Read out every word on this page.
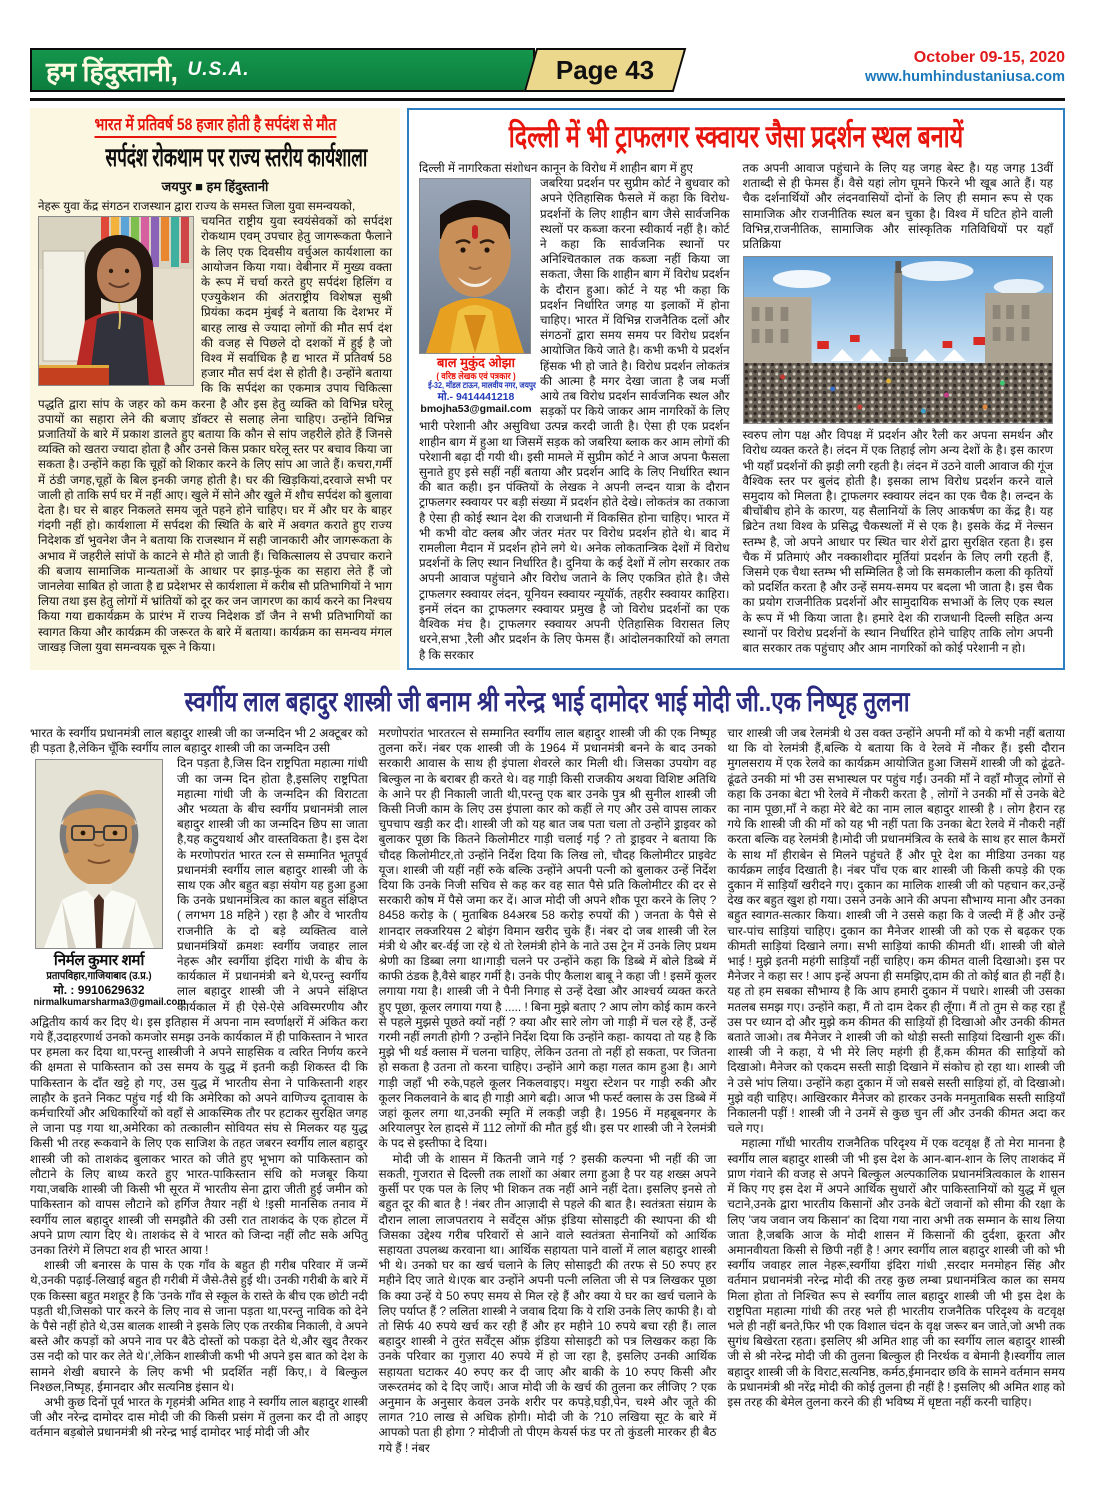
हम हिंदुस्तानी, U.S.A.	Page 43	October 09-15, 2020
www.humhindustaniusa.com
भारत में प्रतिवर्ष 58 हजार होती है सर्पदंश से मौत
सर्पदंश रोकथाम पर राज्य स्तरीय कार्यशाला
जयपुर ■ हम हिंदुस्तानी

नेहरू युवा केंद्र संगठन राजस्थान द्वारा राज्य के समस्त जिला युवा समन्वयको,

चयनित राष्ट्रीय युवा स्वयंसेवकों को सर्पदंश रोकथाम एवम् उपचार हेतु जागरूकता फैलाने के लिए एक दिवसीय वर्चुअल कार्यशाला का आयोजन किया गया। वेबीनार में मुख्य वक्ता के रूप में चर्चा करते हुए सर्पदंश हिलिंग व एज्युकेशन की अंतराष्ट्रीय विशेषज्ञ सुश्री प्रियंका कदम मुंबई ने बताया कि देशभर में बारह लाख से ज्यादा लोगों की मौत सर्प दंश की वजह से पिछले दो दशकों में हुई है जो विश्व में सर्वाधिक है द्य भारत में प्रतिवर्ष 58 हजार मौत सर्प दंश से होती है। उन्होंने बताया कि कि सर्पदंश का एकमात्र उपाय चिकित्सा पद्धति द्वारा सांप के जहर को कम करना है और इस हेतु व्यक्ति को विभिन्न घरेलू उपायों का सहारा लेने की बजाए डॉक्टर से सलाह लेना चाहिए। उन्होंने विभिन्न प्रजातियों के बारे में प्रकाश डालते हुए बताया कि कौन से सांप जहरीले होते हैं जिनसे व्यक्ति को खतरा ज्यादा होता है और उनसे किस प्रकार घरेलू स्तर पर बचाव किया जा सकता है। उन्होंने कहा कि चूहों को शिकार करने के लिए सांप आ जाते हैं। कचरा,गर्मी में ठंडी जगह,चूहों के बिल इनकी जगह होती है। घर की खिड़कियां,दरवाजे सभी पर जाली हो ताकि सर्प घर में नहीं आए। खुले में सोने और खुले में शौच सर्पदंश को बुलावा देता है। घर से बाहर निकलते समय जूते पहने होने चाहिए। घर में और घर के बाहर गंदगी नहीं हो। कार्यशाला में सर्पदश की स्थिति के बारे में अवगत कराते हुए राज्य निदेशक डॉ भुवनेश जैन ने बताया कि राजस्थान में सही जानकारी और जागरूकता के अभाव में जहरीले सांपों के काटने से मौते हो जाती हैं। चिकित्सालय से उपचार कराने की बजाय सामाजिक मान्यताओं के आधार पर झाड़-फूंक का सहारा लेते हैं जो जानलेवा साबित हो जाता है द्य प्रदेशभर से कार्यशाला में करीब सौ प्रतिभागियों ने भाग लिया तथा इस हेतु लोगों में भ्रांतियों को दूर कर जन जागरण का कार्य करने का निश्चय किया गया द्यकार्यक्रम के प्रारंभ में राज्य निदेशक डॉ जैन ने सभी प्रतिभागियों का स्वागत किया और कार्यक्रम की जरूरत के बारे में बताया। कार्यक्रम का समन्वय मंगल जाखड़ जिला युवा समन्वयक चूरू ने किया।

दिल्ली में भी ट्राफलगर स्क्वायर जैसा प्रदर्शन स्थल बनायें

दिल्ली में नागरिकता संशोधन कानून के विरोध में शाहीन बाग में हुए

बाल मुकुंद ओझा
( वरिष्ठ लेखक एवं पत्रकार )
ई-32, मॉडल टाऊन, मालवीय नगर, जयपुर
मो.- 9414441218
bmojha53@gmail.com
जबरिया प्रदर्शन पर सुप्रीम कोर्ट ने बुधवार को अपने ऐतिहासिक फैसले में कहा कि विरोध-प्रदर्शनों के लिए शाहीन बाग जैसे सार्वजनिक स्थलों पर कब्जा करना स्वीकार्य नहीं है। कोर्ट ने कहा कि सार्वजनिक स्थानों पर अनिश्चितकाल तक कब्जा नहीं किया जा सकता, जैसा कि शाहीन बाग में विरोध प्रदर्शन के दौरान हुआ। कोर्ट ने यह भी कहा कि प्रदर्शन निर्धारित जगह या इलाकों में होना चाहिए। भारत में विभिन्न राजनैतिक दलों और संगठनों द्वारा समय समय पर विरोध प्रदर्शन आयोजित किये जाते है। कभी कभी ये प्रदर्शन हिंसक भी हो जाते है। विरोध प्रदर्शन लोकतंत्र की आत्मा है मगर देखा जाता है जब मर्जी आये तब विरोध प्रदर्शन सार्वजनिक स्थल और सड़कों पर किये जाकर आम नागरिकों के लिए भारी परेशानी और असुविधा उत्पन्न करदी जाती है। ऐसा ही एक प्रदर्शन शाहीन बाग में हुआ था जिसमें सड़क को जबरिया ब्लाक कर आम लोगों की परेशानी बढ़ा दी गयी थी। इसी मामले में सुप्रीम कोर्ट ने आज अपना फैसला सुनाते हुए इसे सहीं नहीं बताया और प्रदर्शन आदि के लिए निर्धारित स्थान की बात कही। इन पंक्तियों के लेखक ने अपनी लन्दन यात्रा के दौरान ट्राफलगर स्क्वायर पर बड़ी संख्या में प्रदर्शन होते देखे। लोकतंत्र का तकाजा है ऐसा ही कोई स्थान देश की राजधानी में विकसित होना चाहिए। भारत में भी कभी वोट क्लब और जंतर मंतर पर विरोध प्रदर्शन होते थे। बाद में रामलीला मैदान में प्रदर्शन होने लगे थे। अनेक लोकतान्त्रिक देशों में विरोध प्रदर्शनों के लिए स्थान निर्धारित है। दुनिया के कई देशों में लोग सरकार तक अपनी आवाज पहुंचाने और विरोध जताने के लिए एकत्रित होते है। जैसे ट्राफलगर स्क्वायर लंदन, यूनियन स्क्वायर न्यूयॉर्क, तहरीर स्क्वायर काहिरा। इनमें लंदन का ट्राफलगर स्क्वायर प्रमुख है जो विरोध प्रदर्शनों का एक वैश्विक मंच है। ट्राफलगर स्क्वायर अपनी ऐतिहासिक विरासत लिए धरने,सभा ,रैली और प्रदर्शन के लिए फेमस हैं। आंदोलनकारियों को लगता है कि सरकार

तक अपनी आवाज पहुंचाने के लिए यह जगह बेस्ट है। यह जगह 13वीं शताब्दी से ही फेमस हैं। वैसे यहां लोग घूमने फिरने भी खूब आते हैं। यह चैक दर्शनार्थियों और लंदनवासियों दोनों के लिए ही समान रूप से एक सामाजिक और राजनीतिक स्थल बन चुका है। विश्व में घटित होने वाली विभिन्न,राजनीतिक, सामाजिक और सांस्कृतिक गतिविधियों पर यहाँ प्रतिक्रिया

स्वरुप लोग पक्ष और विपक्ष में प्रदर्शन और रैली कर अपना समर्थन और विरोध व्यक्त करते है। लंदन में एक तिहाई लोग अन्य देशों के है। इस कारण भी यहाँ प्रदर्शनों की झड़ी लगी रहती है। लंदन में उठने वाली आवाज की गूंज वैश्विक स्तर पर बुलंद होती है। इसका लाभ विरोध प्रदर्शन करने वाले समुदाय को मिलता है। ट्राफलगर स्क्वायर लंदन का एक चैक है। लन्दन के बीचोंबीच होने के कारण, यह सैलानियों के लिए आकर्षण का केंद्र है। यह ब्रिटेन तथा विश्व के प्रसिद्ध चैकस्थलों में से एक है। इसके केंद्र में नेल्सन स्तम्भ है, जो अपने आधार पर स्थित चार शेरों द्वारा सुरक्षित रहता है। इस चैक में प्रतिमाएं और नक्काशीदार मूर्तियां प्रदर्शन के लिए लगी रहती हैं, जिसमे एक चैथा स्तम्भ भी सम्मिलित है जो कि समकालीन कला की कृतियों को प्रदर्शित करता है और उन्हें समय-समय पर बदला भी जाता है। इस चैक का प्रयोग राजनीतिक प्रदर्शनों और सामुदायिक सभाओं के लिए एक स्थल के रूप में भी किया जाता है। हमारे देश की राजधानी दिल्ली सहित अन्य स्थानों पर विरोध प्रदर्शनों के स्थान निर्धारित होने चाहिए ताकि लोग अपनी बात सरकार तक पहुंचाए और आम नागरिकों को कोई परेशानी न हो।

स्वर्गीय लाल बहादुर शास्त्री जी बनाम श्री नरेन्द्र भाई दामोदर भाई मोदी जी..एक निष्पृह तुलना

भारत के स्वर्गीय प्रधानमंत्री लाल बहादुर शास्त्री जी का जन्मदिन भी 2 अक्टूबर को ही पड़ता है,लेकिन चूँकि स्वर्गीय लाल बहादुर शास्त्री जी का जन्मदिन उसी

निर्मल कुमार शर्मा
प्रतापविहार,गाजियाबाद (उ.प्र.)
मो. : 9910629632
nirmalkumarsharma3@gmail.com
दिन पड़ता है,जिस दिन राष्ट्रपिता महात्मा गांधी जी का जन्म दिन होता है,इसलिए राष्ट्रपिता महात्मा गांधी जी के जन्मदिन की विराटता और भव्यता के बीच स्वर्गीय प्रधानमंत्री लाल बहादुर शास्त्री जी का जन्मदिन छिप सा जाता है,यह कटुयथार्थ और वास्तविकता है। इस देश के मरणोपरांत भारत रत्न से सम्मानित भूतपूर्व प्रधानमंत्री स्वर्गीय लाल बहादुर शास्त्री जी के साथ एक और बहुत बड़ा संयोग यह हुआ हुआ कि उनके प्रधानमंत्रित्व का काल बहुत संक्षिप्त ( लगभग 18 महिने ) रहा है और वे भारतीय राजनीति के दो बड़े व्यक्तित्व वाले प्रधानमंत्रियों क्रमशः स्वर्गीय जवाहर लाल नेहरू और स्वर्गीया इंदिरा गांधी के बीच के कार्यकाल में प्रधानमंत्री बने थे,परन्तु स्वर्गीय लाल बहादुर शास्त्री जी ने अपने संक्षिप्त कार्यकाल में ही ऐसे-ऐसे अविस्मरणीय और अद्वितीय कार्य कर दिए थे। इस इतिहास में अपना नाम स्वर्णाक्षरों में अंकित करा गये हैं,उदाहरणार्थ उनको कमजोर समझ उनके कार्यकाल में ही पाकिस्तान ने भारत पर हमला कर दिया था,परन्तु शास्त्रीजी ने अपने साहसिक व त्वरित निर्णय करने की क्षमता से पाकिस्तान को उस समय के युद्ध में इतनी कड़ी शिकस्त दी कि पाकिस्तान के दाँत खट्टे हो गए, उस युद्ध में भारतीय सेना ने पाकिस्तानी शहर लाहौर के इतने निकट पहुंच गई थी कि अमेरिका को अपने वाणिज्य दूतावास के कर्मचारियों और अधिकारियों को वहाँ से आकस्मिक तौर पर हटाकर सुरक्षित जगह ले जाना पड़ गया था,अमेरिका को तत्कालीन सोवियत संघ से मिलकर यह युद्ध किसी भी तरह रूकवाने के लिए एक साजिश के तहत जबरन स्वर्गीय लाल बहादुर शास्त्री जी को ताशकंद बुलाकर भारत को जीते हुए भूभाग को पाकिस्तान को लौटाने के लिए बाध्य करते हुए भारत-पाकिस्तान संधि को मजबूर किया गया,जबकि शास्त्री जी किसी भी सूरत में भारतीय सेना द्वारा जीती हुई जमीन को पाकिस्तान को वापस लौटाने को हर्गिज तैयार नहीं थे !इसी मानसिक तनाव में स्वर्गीय लाल बहादुर शास्त्री जी समझौते की उसी रात ताशकंद के एक होटल में अपने प्राण त्याग दिए थे। ताशकंद से वे भारत को जिन्दा नहीं लौट सके अपितु उनका तिरंगे में लिपटा शव ही भारत आया !

शास्त्री जी बनारस के पास के एक गाँव के बहुत ही गरीब परिवार में जन्में थे,उनकी पढ़ाई-लिखाई बहुत ही गरीबी में जैसे-तैसे हुई थी। उनकी गरीबी के बारे में एक किस्सा बहुत मशहूर है कि 'उनके गाँव से स्कूल के रास्ते के बीच एक छोटी नदी पड़ती थी,जिसको पार करने के लिए नाव से जाना पड़ता था,परन्तु नाविक को देने के पैसे नहीं होते थे,उस बालक शास्त्री ने इसके लिए एक तरकीब निकाली, वे अपने बस्ते और कपड़ों को अपने नाव पर बैठे दोस्तों को पकड़ा देते थे,और खुद तैरकर उस नदी को पार कर लेते थे।',लेकिन शास्त्रीजी कभी भी अपने इस बात को देश के सामने शेखी बघारने के लिए कभी भी प्रदर्शित नहीं किए,। वे बिल्कुल निश्छल,निष्पृह, ईमानदार और सत्यनिष्ठ इंसान थे।

अभी कुछ दिनों पूर्व भारत के गृहमंत्री अमित शाह ने स्वर्गीय लाल बहादुर शास्त्री जी और नरेन्द्र दामोदर दास मोदी जी की किसी प्रसंग में तुलना कर दी तो आइए वर्तमान बड़बोले प्रधानमंत्री श्री नरेन्द्र भाई दामोदर भाई मोदी जी और

मरणोपरांत भारतरत्न से सम्मानित स्वर्गीय लाल बहादुर शास्त्री जी की एक निष्पृह तुलना करें। नंबर एक शास्त्री जी के 1964 में प्रधानमंत्री बनने के बाद उनको सरकारी आवास के साथ ही इंपाला शेवरले कार मिली थी। जिसका उपयोग वह बिल्कुल ना के बराबर ही करते थे। वह गाड़ी किसी राजकीय अथवा विशिष्ट अतिथि के आने पर ही निकाली जाती थी,परन्तु एक बार उनके पुत्र श्री सुनील शास्त्री जी किसी निजी काम के लिए उस इंपाला कार को कहीं ले गए और उसे वापस लाकर चुपचाप खड़ी कर दी। शास्त्री जी को यह बात जब पता चला तो उन्होंने ड्राइवर को बुलाकर पूछा कि कितने किलोमीटर गाड़ी चलाई गई ? तो ड्राइवर ने बताया कि चौदह किलोमीटर,तो उन्होंने निर्देश दिया कि लिख लो, चौदह किलोमीटर प्राइवेट यूज। शास्त्री जी यहीं नहीं रुके बल्कि उन्होंने अपनी पत्नी को बुलाकर उन्हें निर्देश दिया कि उनके निजी सचिव से कह कर वह सात पैसे प्रति किलोमीटर की दर से सरकारी कोष में पैसे जमा कर दें। आज मोदी जी अपने शौक पूरा करने के लिए ?8458 करोड़ के ( मुताबिक 84अरब 58 करोड़ रुपयों की ) जनता के पैसे से शानदार लक्जरियस 2 बोइंग विमान खरीद चुके हैं। नंबर दो जब शास्त्री जी रेल मंत्री थे और बर-र्वई जा रहे थे तो रेलमंत्री होने के नाते उस ट्रेन में उनके लिए प्रथम श्रेणी का डिब्बा लगा था।गाड़ी चलने पर उन्होंने कहा कि डिब्बे में बोले डिब्बे में काफी ठंडक है,वैसे बाहर गर्मी है। उनके पीए कैलाश बाबू ने कहा जी ! इसमें कूलर लगाया गया है। शास्त्री जी ने पैनी निगाह से उन्हें देखा और आश्चर्य व्यक्त करते हुए पूछा, कूलर लगाया गया है ..... ! बिना मुझे बताए ? आप लोग कोई काम करने से पहले मुझसे पूछते क्यों नहीं ? क्या और सारे लोग जो गाड़ी में चल रहे हैं, उन्हें गरमी नहीं लगती होगी ? उन्होंने निर्देश दिया कि उन्होंने कहा- कायदा तो यह है कि मुझे भी थर्ड क्लास में चलना चाहिए, लेकिन उतना तो नहीं हो सकता, पर जितना हो सकता है उतना तो करना चाहिए। उन्होंने आगे कहा गलत काम हुआ है। आगे गाड़ी जहाँ भी रुके,पहले कूलर निकलवाइए। मथुरा स्टेशन पर गाड़ी रुकी और कूलर निकलवाने के बाद ही गाड़ी आगे बढ़ी। आज भी फर्स्ट क्लास के उस डिब्बे में जहां कूलर लगा था,उनकी स्मृति में लकड़ी जड़ी है। 1956 में महबूबनगर के अरियालपुर रेल हादसे में 112 लोगों की मौत हुई थी। इस पर शास्त्री जी ने रेलमंत्री के पद से इस्तीफा दे दिया।

मोदी जी के शासन में कितनी जाने गई ? इसकी कल्पना भी नहीं की जा सकती, गुजरात से दिल्ली तक लाशों का अंबार लगा हुआ है पर यह शख्स अपने कुर्सी पर एक पल के लिए भी शिकन तक नहीं आने नहीं देता। इसलिए इनसे तो बहुत दूर की बात है ! नंबर तीन आज़ादी से पहले की बात है। स्वतंत्रता संग्राम के दौरान लाला लाजपतराय ने सर्वेंट्स ऑफ़ इंडिया सोसाइटी की स्थापना की थी जिसका उद्देश्य गरीब परिवारों से आने वाले स्वतंत्रता सेनानियों को आर्थिक सहायता उपलब्ध करवाना था। आर्थिक सहायता पाने वालों में लाल बहादुर शास्त्री भी थे। उनको घर का खर्च चलाने के लिए सोसाइटी की तरफ से 50 रुपए हर महीने दिए जाते थे।एक बार उन्होंने अपनी पत्नी ललिता जी से पत्र लिखकर पूछा कि क्या उन्हें ये 50 रुपए समय से मिल रहे हैं और क्या ये घर का खर्च चलाने के लिए पर्याप्त हैं ? ललिता शास्त्री ने जवाब दिया कि ये राशि उनके लिए काफी है। वो तो सिर्फ 40 रुपये खर्च कर रही हैं और हर महीने 10 रुपये बचा रही हैं। लाल बहादुर शास्त्री ने तुरंत सर्वेंट्स ऑफ़ इंडिया सोसाइटी को पत्र लिखकर कहा कि उनके परिवार का गुज़ारा 40 रुपये में हो जा रहा है, इसलिए उनकी आर्थिक सहायता घटाकर 40 रुपए कर दी जाए और बाकी के 10 रुपए किसी और जरूरतमंद को दे दिए जाएँ। आज मोदी जी के खर्च की तुलना कर लीजिए ? एक अनुमान के अनुसार केवल उनके शरीर पर कपड़े,घड़ी,पेन, चश्मे और जूते की लागत ?10 लाख से अधिक होगी। मोदी जी के ?10 लखिया सूट के बारे में आपको पता ही होगा ? मोदीजी तो पीएम केयर्स फंड पर तो कुंडली मारकर ही बैठ गये हैं ! नंबर

चार शास्त्री जी जब रेलमंत्री थे उस वक्त उन्होंने अपनी माँ को ये कभी नहीं बताया था कि वो रेलमंत्री हैं,बल्कि ये बताया कि वे रेलवे में नौकर हैं। इसी दौरान मुगलसराय में एक रेलवे का कार्यक्रम आयोजित हुआ जिसमें शास्त्री जी को ढूंढते-ढूंढते उनकी मां भी उस सभास्थल पर पहुंच गईं। उनकी माँ ने वहाँ मौजूद लोगों से कहा कि उनका बेटा भी रेलवे में नौकरी करता है , लोगों ने उनकी माँ से उनके बेटे का नाम पूछा,माँ ने कहा मेरे बेटे का नाम लाल बहादुर शास्त्री है । लोग हैरान रह गये कि शास्त्री जी की माँ को यह भी नहीं पता कि उनका बेटा रेलवे में नौकरी नहीं करता बल्कि वह रेलमंत्री है।मोदी जी प्रधानमंत्रित्व के स्तबे के साथ हर साल कैमरों के साथ माँ हीराबेन से मिलने पहुंचते हैं और पूरे देश का मीडिया उनका यह कार्यक्रम लाईव दिखाती है। नंबर पाँच एक बार शास्त्री जी किसी कपड़े की एक दुकान में साड़ियाँ खरीदने गए। दुकान का मालिक शास्त्री जी को पहचान कर,उन्हें देख कर बहुत खुश हो गया। उसने उनके आने की अपना सौभाग्य माना और उनका बहुत स्वागत-सत्कार किया। शास्त्री जी ने उससे कहा कि वे जल्दी में हैं और उन्हें चार-पांच साड़ियां चाहिए। दुकान का मैनेजर शास्त्री जी को एक से बढ़कर एक कीमती साड़ियां दिखाने लगा। सभी साड़ियां काफी कीमती थीं। शास्त्री जी बोले भाई ! मुझे इतनी महंगी साड़ियाँ नहीं चाहिए। कम कीमत वाली दिखाओ। इस पर मैनेजर ने कहा सर ! आप इन्हें अपना ही समझिए,दाम की तो कोई बात ही नहीं है। यह तो हम सबका सौभाग्य है कि आप हमारी दुकान में पधारे। शास्त्री जी उसका मतलब समझ गए। उन्होंने कहा, मैं तो दाम देकर ही लूँगा। मैं तो तुम से कह रहा हूँ उस पर ध्यान दो और मुझे कम कीमत की साड़ियों ही दिखाओ और उनकी कीमत बताते जाओ। तब मैनेजर ने शास्त्री जी को थोड़ी सस्ती साड़ियां दिखानी शुरू कीं। शास्त्री जी ने कहा, ये भी मेरे लिए महंगी ही हैं,कम कीमत की साड़ियों को दिखाओ। मैनेजर को एकदम सस्ती साड़ी दिखाने में संकोच हो रहा था। शास्त्री जी ने उसे भांप लिया। उन्होंने कहा दुकान में जो सबसे सस्ती साड़ियां हों, वो दिखाओ। मुझे वही चाहिए। आखिरकार मैनेजर को हारकर उनके मनमुताबिक सस्ती साड़ियाँ निकालनी पड़ीं ! शास्त्री जी ने उनमें से कुछ चुन लीं और उनकी कीमत अदा कर चले गए।

महात्मा गाँधी भारतीय राजनैतिक परिदृश्य में एक वटवृक्ष हैं तो मेरा मानना है स्वर्गीय लाल बहादुर शास्त्री जी भी इस देश के आन-बान-शान के लिए ताशकंद में प्राण गंवाने की वजह से अपने बिल्कुल अल्पकालिक प्रधानमंत्रित्वकाल के शासन में किए गए इस देश में अपने आर्थिक सुधारों और पाकिस्तानियों को युद्ध में धूल चटाने,उनके द्वारा भारतीय किसानों और उनके बेटों जवानों को सीमा की रक्षा के लिए 'जय जवान जय किसान' का दिया गया नारा अभी तक सम्मान के साथ लिया जाता है,जबकि आज के मोदी शासन में किसानों की दुर्दशा, क्रूरता और अमानवीयता किसी से छिपी नहीं है ! अगर स्वर्गीय लाल बहादुर शास्त्री जी को भी स्वर्गीय जवाहर लाल नेहरू,स्वर्गीया इंदिरा गांधी ,सरदार मनमोहन सिंह और वर्तमान प्रधानमंत्री नरेन्द्र मोदी की तरह कुछ लम्बा प्रधानमंत्रित्व काल का समय मिला होता तो निश्चित रूप से स्वर्गीय लाल बहादुर शास्त्री जी भी इस देश के राष्ट्रपिता महात्मा गांधी की तरह भले ही भारतीय राजनैतिक परिदृश्य के वटवृक्ष भले ही नहीं बनते,फिर भी एक विशाल चंदन के वृक्ष जरूर बन जाते,जो अभी तक सुगंध बिखेरता रहता। इसलिए श्री अमित शाह जी का स्वर्गीय लाल बहादुर शास्त्री जी से श्री नरेन्द्र मोदी जी की तुलना बिल्कुल ही निरर्थक व बेमानी है।स्वर्गीय लाल बहादुर शास्त्री जी के विराट,सत्यनिष्ठ, कर्मठ,ईमानदार छवि के सामने वर्तमान समय के प्रधानमंत्री श्री नरेंद्र मोदी की कोई तुलना ही नहीं है ! इसलिए श्री अमित शाह को इस तरह की बेमेल तुलना करने की ही भविष्य में धृष्टता नहीं करनी चाहिए।
